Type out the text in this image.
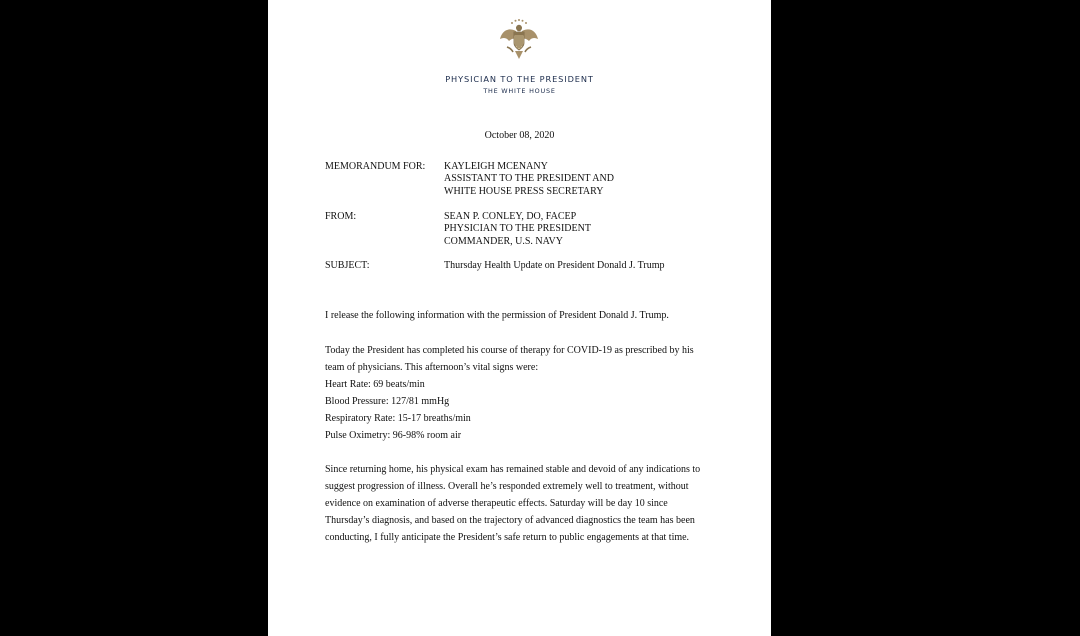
PHYSICIAN TO THE PRESIDENT
THE WHITE HOUSE
October 08, 2020
MEMORANDUM FOR: KAYLEIGH MCENANY
ASSISTANT TO THE PRESIDENT AND
WHITE HOUSE PRESS SECRETARY
FROM:	SEAN P. CONLEY, DO, FACEP
PHYSICIAN TO THE PRESIDENT
COMMANDER, U.S. NAVY
SUBJECT:	Thursday Health Update on President Donald J. Trump
I release the following information with the permission of President Donald J. Trump.
Today the President has completed his course of therapy for COVID-19 as prescribed by his
team of physicians. This afternoon’s vital signs were:
Heart Rate: 69 beats/min
Blood Pressure: 127/81 mmHg
Respiratory Rate: 15-17 breaths/min
Pulse Oximetry: 96-98% room air
Since returning home, his physical exam has remained stable and devoid of any indications to
suggest progression of illness. Overall he’s responded extremely well to treatment, without
evidence on examination of adverse therapeutic effects. Saturday will be day 10 since
Thursday’s diagnosis, and based on the trajectory of advanced diagnostics the team has been
conducting, I fully anticipate the President’s safe return to public engagements at that time.
